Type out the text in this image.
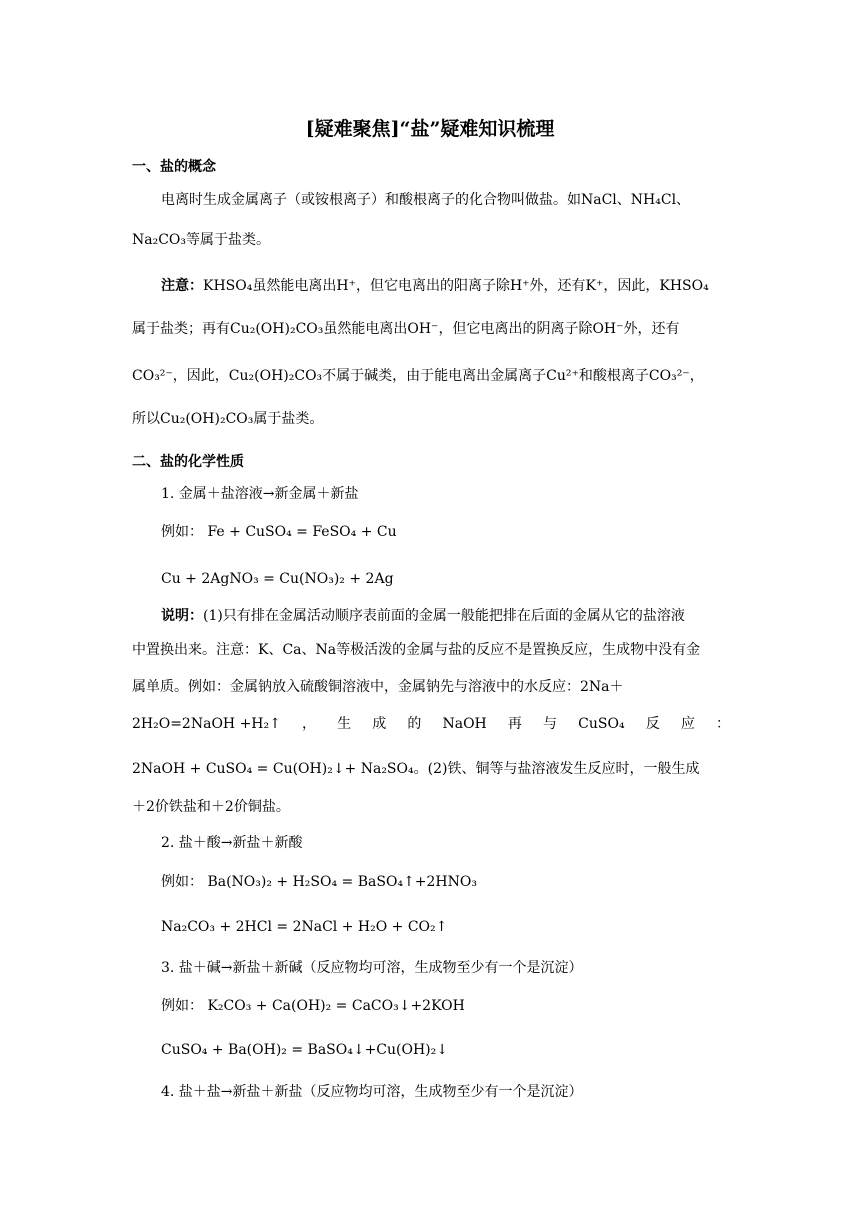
[疑难聚焦]“盐”疑难知识梳理
一、盐的概念
电离时生成金属离子（或铵根离子）和酸根离子的化合物叫做盐。如NaCl、NH₄Cl、
Na₂CO₃等属于盐类。
注意：KHSO₄虽然能电离出H⁺，但它电离出的阳离子除H⁺外，还有K⁺，因此，KHSO₄
属于盐类；再有Cu₂(OH)₂CO₃虽然能电离出OH⁻，但它电离出的阴离子除OH⁻外，还有
CO₃²⁻，因此，Cu₂(OH)₂CO₃不属于碱类，由于能电离出金属离子Cu²⁺和酸根离子CO₃²⁻，
所以Cu₂(OH)₂CO₃属于盐类。
二、盐的化学性质
1. 金属＋盐溶液→新金属＋新盐
例如： Fe + CuSO₄ = FeSO₄ + Cu
Cu + 2AgNO₃ = Cu(NO₃)₂ + 2Ag
说明：(1)只有排在金属活动顺序表前面的金属一般能把排在后面的金属从它的盐溶液
中置换出来。注意：K、Ca、Na等极活泼的金属与盐的反应不是置换反应，生成物中没有金
属单质。例如：金属钠放入硫酸铜溶液中，金属钠先与溶液中的水反应：2Na＋
2H₂O=2NaOH +H₂↑ ， 生 成 的 NaOH 再 与 CuSO₄ 反 应 ：
2NaOH + CuSO₄ = Cu(OH)₂↓+ Na₂SO₄。(2)铁、铜等与盐溶液发生反应时，一般生成
＋2价铁盐和＋2价铜盐。
2. 盐＋酸→新盐＋新酸
例如： Ba(NO₃)₂ + H₂SO₄ = BaSO₄↑+2HNO₃
Na₂CO₃ + 2HCl = 2NaCl + H₂O + CO₂↑
3. 盐＋碱→新盐＋新碱（反应物均可溶，生成物至少有一个是沉淀）
例如： K₂CO₃ + Ca(OH)₂ = CaCO₃↓+2KOH
CuSO₄ + Ba(OH)₂ = BaSO₄↓+Cu(OH)₂↓
4. 盐＋盐→新盐＋新盐（反应物均可溶，生成物至少有一个是沉淀）
